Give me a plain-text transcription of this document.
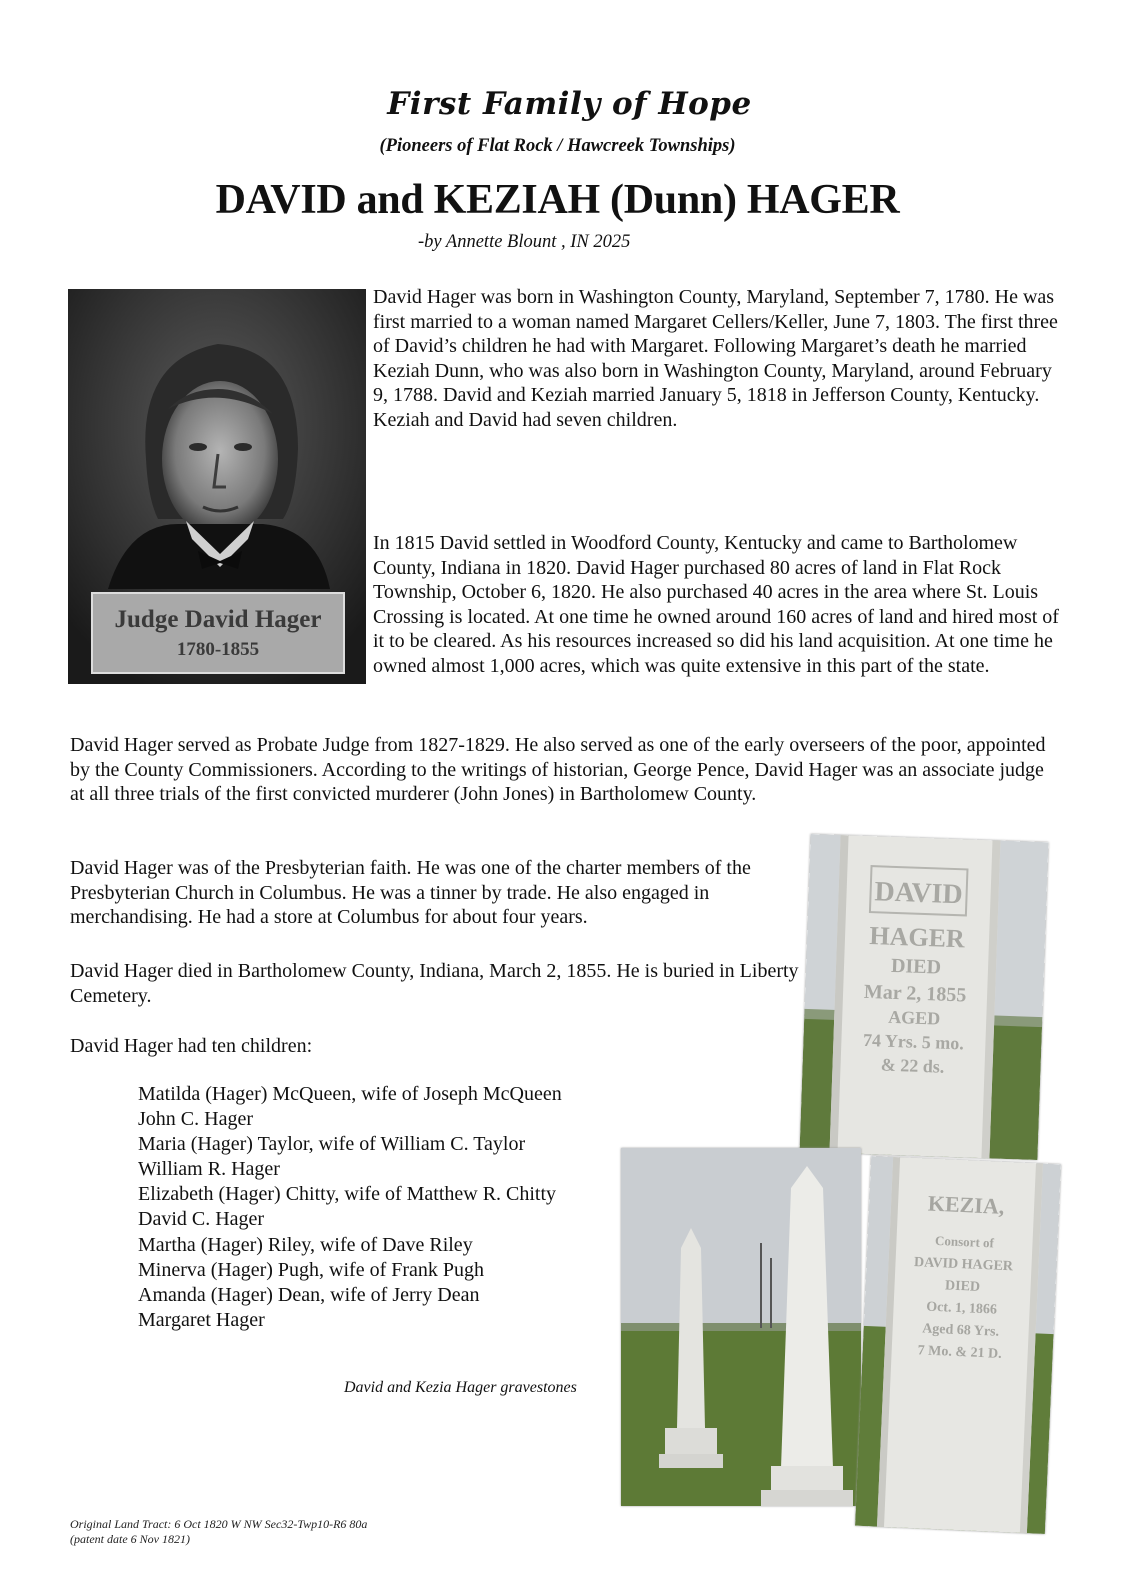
First Family of Hope
(Pioneers of Flat Rock / Hawcreek Townships)
DAVID and KEZIAH (Dunn) HAGER
-by Annette Blount , IN 2025
Judge David Hager
1780-1855
David Hager was born in Washington County, Maryland, September 7, 1780. He was first married to a woman named Margaret Cellers/Keller, June 7, 1803. The first three of David’s children he had with Margaret. Following Margaret’s death he married Keziah Dunn, who was also born in Washington County, Maryland, around February 9, 1788. David and Keziah married January 5, 1818 in Jefferson County, Kentucky. Keziah and David had seven children.
In 1815 David settled in Woodford County, Kentucky and came to Bartholomew County, Indiana in 1820. David Hager purchased 80 acres of land in Flat Rock Township, October 6, 1820. He also purchased 40 acres in the area where St. Louis Crossing is located. At one time he owned around 160 acres of land and hired most of it to be cleared. As his resources increased so did his land acquisition. At one time he owned almost 1,000 acres, which was quite extensive in this part of the state.
David Hager served as Probate Judge from 1827-1829. He also served as one of the early overseers of the poor, appointed by the County Commissioners. According to the writings of historian, George Pence, David Hager was an associate judge at all three trials of the first convicted murderer (John Jones) in Bartholomew County.
David Hager was of the Presbyterian faith. He was one of the charter members of the Presbyterian Church in Columbus. He was a tinner by trade. He also engaged in merchandising. He had a store at Columbus for about four years.
David Hager died in Bartholomew County, Indiana, March 2, 1855. He is buried in Liberty Cemetery.
David Hager had ten children:
Matilda (Hager) McQueen, wife of Joseph McQueen
John C. Hager
Maria (Hager) Taylor, wife of William C. Taylor
William R. Hager
Elizabeth (Hager) Chitty, wife of Matthew R. Chitty
David C. Hager
Martha (Hager) Riley, wife of Dave Riley
Minerva (Hager) Pugh, wife of Frank Pugh
Amanda (Hager) Dean, wife of Jerry Dean
Margaret Hager
DAVID
HAGER
DIED
Mar 2, 1855
AGED
74 Yrs. 5 mo.
& 22 ds.
KEZIA,
Consort of
DAVID HAGER
DIED
Oct. 1, 1866
Aged 68 Yrs.
7 Mo. & 21 D.
David and Kezia Hager gravestones
Original Land Tract: 6 Oct 1820 W NW Sec32-Twp10-R6 80a
(patent date 6 Nov 1821)
